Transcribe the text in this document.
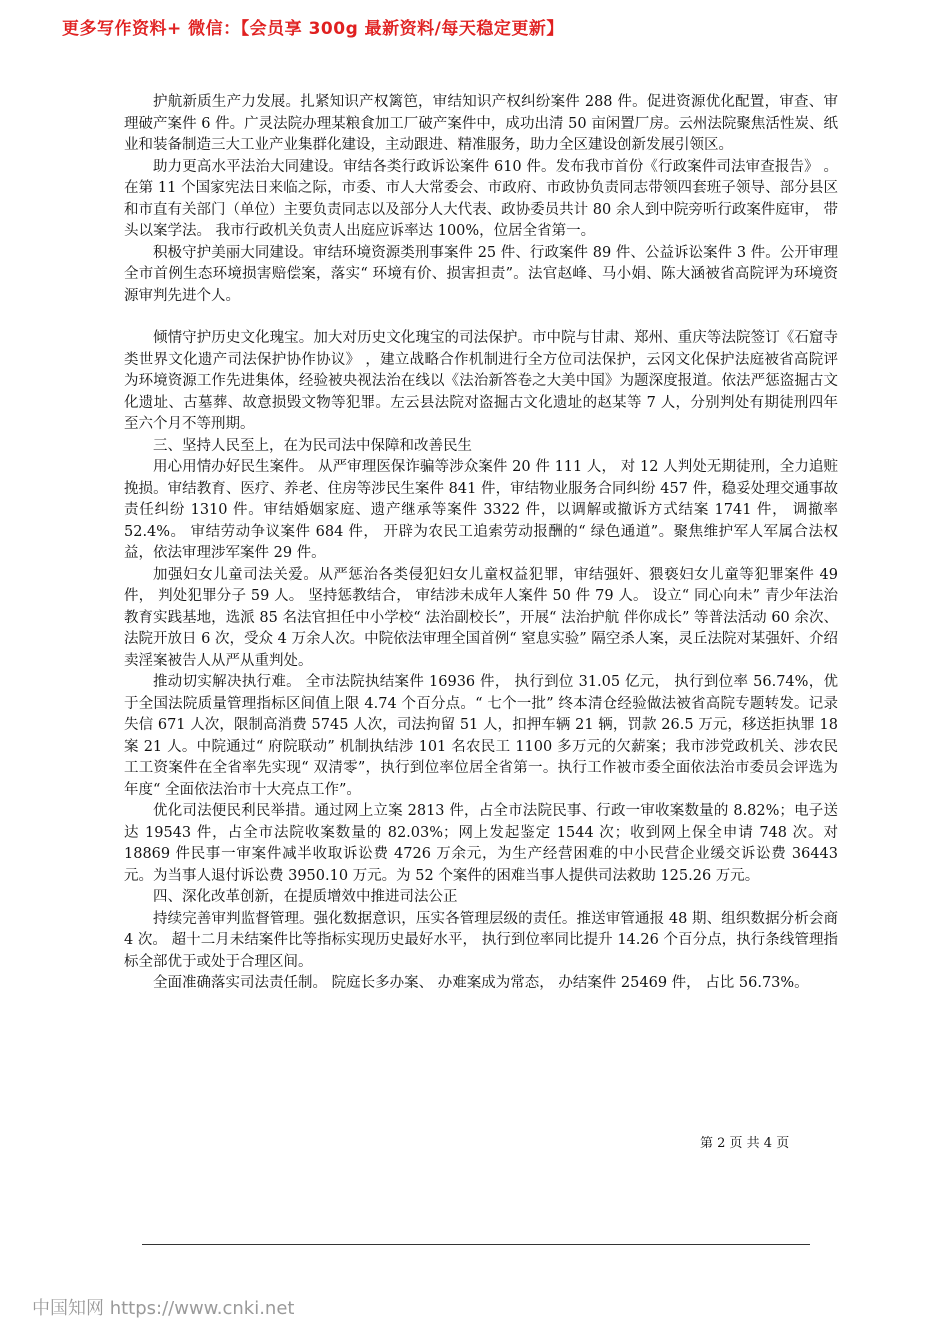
更多写作资料+ 微信：【会员享 300g 最新资料/每天稳定更新】

护航新质生产力发展。扎紧知识产权篱笆，审结知识产权纠纷案件 288 件。促进资源优化配置，审查、审理破产案件 6 件。广灵法院办理某粮食加工厂破产案件中，成功出清 50 亩闲置厂房。云州法院聚焦活性炭、纸业和装备制造三大工业产业集群化建设，主动跟进、精准服务，助力全区建设创新发展引领区。

助力更高水平法治大同建设。审结各类行政诉讼案件 610 件。发布我市首份《行政案件司法审查报告》 。在第 11 个国家宪法日来临之际，市委、市人大常委会、市政府、市政协负责同志带领四套班子领导、部分县区和市直有关部门（单位）主要负责同志以及部分人大代表、政协委员共计 80 余人到中院旁听行政案件庭审， 带头以案学法。 我市行政机关负责人出庭应诉率达 100%，位居全省第一。

积极守护美丽大同建设。审结环境资源类刑事案件 25 件、行政案件 89 件、公益诉讼案件 3 件。公开审理全市首例生态环境损害赔偿案，落实“ 环境有价、损害担责”。法官赵峰、马小娟、陈大涵被省高院评为环境资源审判先进个人。

倾情守护历史文化瑰宝。加大对历史文化瑰宝的司法保护。市中院与甘肃、郑州、重庆等法院签订《石窟寺类世界文化遗产司法保护协作协议》 ，建立战略合作机制进行全方位司法保护，云冈文化保护法庭被省高院评为环境资源工作先进集体，经验被央视法治在线以《法治新答卷之大美中国》为题深度报道。依法严惩盗掘古文化遗址、古墓葬、故意损毁文物等犯罪。左云县法院对盗掘古文化遗址的赵某等 7 人，分别判处有期徒刑四年至六个月不等刑期。

三、坚持人民至上，在为民司法中保障和改善民生

用心用情办好民生案件。 从严审理医保诈骗等涉众案件 20 件 111 人， 对 12 人判处无期徒刑，全力追赃挽损。审结教育、医疗、养老、住房等涉民生案件 841 件，审结物业服务合同纠纷 457 件，稳妥处理交通事故责任纠纷 1310 件。审结婚姻家庭、遗产继承等案件 3322 件，以调解或撤诉方式结案 1741 件， 调撤率 52.4%。 审结劳动争议案件 684 件， 开辟为农民工追索劳动报酬的“ 绿色通道”。聚焦维护军人军属合法权益，依法审理涉军案件 29 件。

加强妇女儿童司法关爱。从严惩治各类侵犯妇女儿童权益犯罪，审结强奸、猥亵妇女儿童等犯罪案件 49 件， 判处犯罪分子 59 人。 坚持惩教结合， 审结涉未成年人案件 50 件 79 人。 设立“ 同心向未” 青少年法治教育实践基地，选派 85 名法官担任中小学校“ 法治副校长”，开展“ 法治护航 伴你成长” 等普法活动 60 余次、法院开放日 6 次，受众 4 万余人次。中院依法审理全国首例“ 窒息实验” 隔空杀人案，灵丘法院对某强奸、介绍卖淫案被告人从严从重判处。

推动切实解决执行难。 全市法院执结案件 16936 件， 执行到位 31.05 亿元， 执行到位率 56.74%，优于全国法院质量管理指标区间值上限 4.74 个百分点。“ 七个一批” 终本清仓经验做法被省高院专题转发。记录失信 671 人次，限制高消费 5745 人次，司法拘留 51 人，扣押车辆 21 辆，罚款 26.5 万元，移送拒执罪 18 案 21 人。中院通过“ 府院联动” 机制执结涉 101 名农民工 1100 多万元的欠薪案；我市涉党政机关、涉农民工工资案件在全省率先实现“ 双清零”，执行到位率位居全省第一。执行工作被市委全面依法治市委员会评选为年度“ 全面依法治市十大亮点工作”。

优化司法便民利民举措。通过网上立案 2813 件，占全市法院民事、行政一审收案数量的 8.82%；电子送达 19543 件，占全市法院收案数量的 82.03%；网上发起鉴定 1544 次；收到网上保全申请 748 次。对 18869 件民事一审案件减半收取诉讼费 4726 万余元，为生产经营困难的中小民营企业缓交诉讼费 36443 元。为当事人退付诉讼费 3950.10 万元。为 52 个案件的困难当事人提供司法救助 125.26 万元。

四、深化改革创新，在提质增效中推进司法公正

持续完善审判监督管理。强化数据意识，压实各管理层级的责任。推送审管通报 48 期、组织数据分析会商 4 次。 超十二月未结案件比等指标实现历史最好水平， 执行到位率同比提升 14.26 个百分点，执行条线管理指标全部优于或处于合理区间。

全面准确落实司法责任制。 院庭长多办案、 办难案成为常态， 办结案件 25469 件， 占比 56.73%。

第 2 页 共 4 页
中国知网 https://www.cnki.net
